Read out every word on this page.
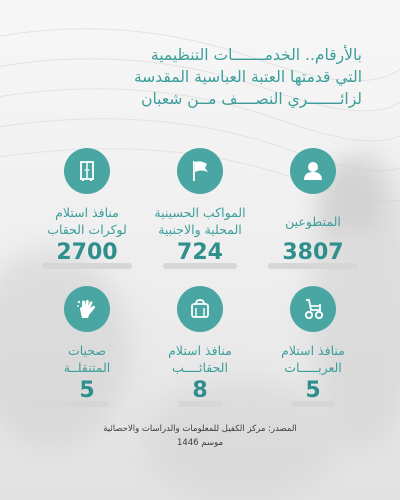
بالأرقام.. الخدمـــــــات التنظيمية
التي قدمتها العتبة العباسية المقدسة
لزائـــــــري النصــــف مــن شعبان
المتطوعين
3807
المواكب الحسينية
المحلية والاجنبية
724
منافذ استلام
لوكرات الحقاب
2700
منافذ استلام
العربـــــات
5
منافذ استلام
الحقائــــب
8
صحيات
المتنقلــة
5
المصدر: مركز الكفيل للمعلومات والدراسات والاحصائية
موسم 1446
